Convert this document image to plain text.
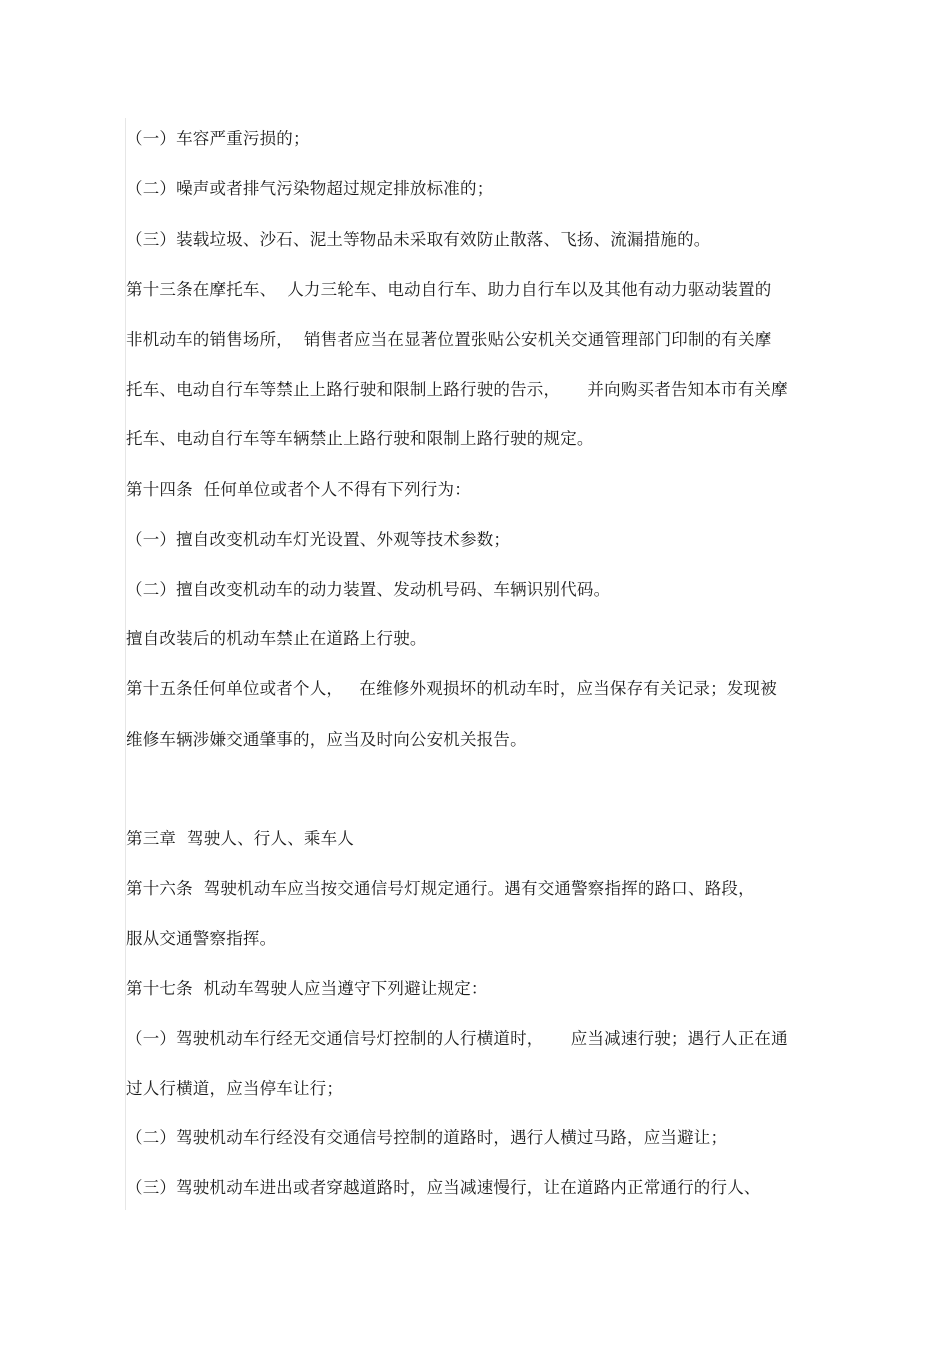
（一）车容严重污损的；
（二）噪声或者排气污染物超过规定排放标准的；
（三）装载垃圾、沙石、泥土等物品未采取有效防止散落、飞扬、流漏措施的。
第十三条在摩托车、  人力三轮车、电动自行车、助力自行车以及其他有动力驱动装置的
非机动车的销售场所，  销售者应当在显著位置张贴公安机关交通管理部门印制的有关摩
托车、电动自行车等禁止上路行驶和限制上路行驶的告示，     并向购买者告知本市有关摩
托车、电动自行车等车辆禁止上路行驶和限制上路行驶的规定。
第十四条  任何单位或者个人不得有下列行为：
（一）擅自改变机动车灯光设置、外观等技术参数；
（二）擅自改变机动车的动力装置、发动机号码、车辆识别代码。
擅自改装后的机动车禁止在道路上行驶。
第十五条任何单位或者个人，   在维修外观损坏的机动车时，应当保存有关记录；发现被
维修车辆涉嫌交通肇事的，应当及时向公安机关报告。
第三章  驾驶人、行人、乘车人
第十六条  驾驶机动车应当按交通信号灯规定通行。遇有交通警察指挥的路口、路段，
服从交通警察指挥。
第十七条  机动车驾驶人应当遵守下列避让规定：
（一）驾驶机动车行经无交通信号灯控制的人行横道时，     应当减速行驶；遇行人正在通
过人行横道，应当停车让行；
（二）驾驶机动车行经没有交通信号控制的道路时，遇行人横过马路，应当避让；
（三）驾驶机动车进出或者穿越道路时，应当减速慢行，让在道路内正常通行的行人、
